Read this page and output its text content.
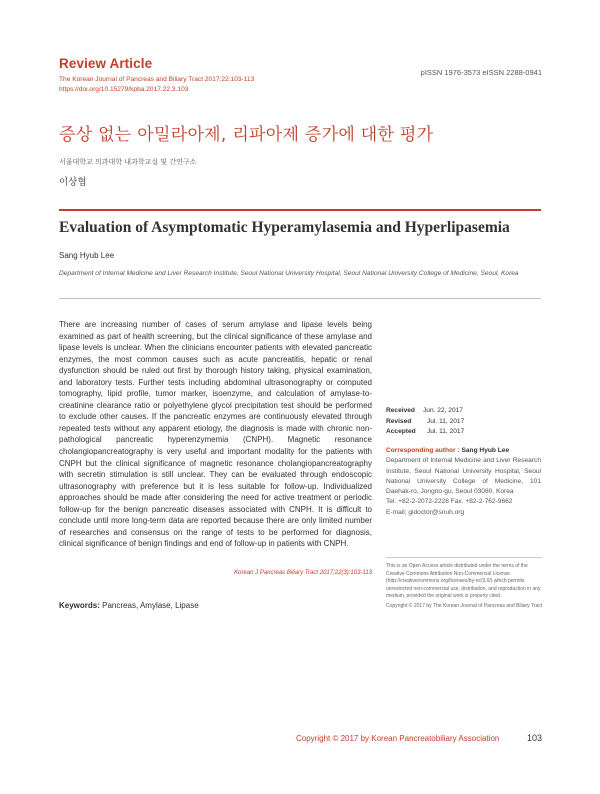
Review Article
pISSN 1976-3573 eISSN 2288-0941
The Korean Journal of Pancreas and Biliary Tract 2017;22:103-113
https://doi.org/10.15279/kpba.2017.22.3.103
증상 없는 아밀라아제, 리파아제 증가에 대한 평가
서울대학교 의과대학 내과학교실 및 간연구소
이상협
Evaluation of Asymptomatic Hyperamylasemia and Hyperlipasemia
Sang Hyub Lee
Department of Internal Medicine and Liver Research Institute, Seoul National University Hospital, Seoul National University College of Medicine, Seoul, Korea
There are increasing number of cases of serum amylase and lipase levels being examined as part of health screening, but the clinical significance of these amylase and lipase levels is unclear. When the clinicians encounter patients with elevated pancreatic enzymes, the most common causes such as acute pancreatitis, hepatic or renal dysfunction should be ruled out first by thorough history taking, physical examination, and laboratory tests. Further tests including abdominal ultrasonography or computed tomography, lipid profile, tumor marker, isoenzyme, and calculation of amylase-to-creatinine clearance ratio or polyethylene glycol precipitation test should be performed to exclude other causes. If the pancreatic enzymes are continuously elevated through repeated tests without any apparent etiology, the diagnosis is made with chronic non-pathological pancreatic hyperenzymemia (CNPH). Magnetic resonance cholangiopancreatography is very useful and important modality for the patients with CNPH but the clinical significance of magnetic resonance cholangiopancreatography with secretin stimulation is still unclear. They can be evaluated through endoscopic ultrasonography with preference but it is less suitable for follow-up. Individualized approaches should be made after considering the need for active treatment or periodic follow-up for the benign pancreatic diseases associated with CNPH. It is difficult to conclude until more long-term data are reported because there are only limited number of researches and consensus on the range of tests to be performed for diagnosis, clinical significance of benign findings and end of follow-up in patients with CNPH.
Korean J Pancreas Biliary Tract 2017;22(3):103-113
Keywords: Pancreas, Amylase, Lipase
Received	Jun. 22, 2017
Revised	Jul. 11, 2017
Accepted	Jul. 11, 2017
Corresponding author : Sang Hyub Lee
Department of Internal Medicine and Liver Research Institute, Seoul National University Hospital, Seoul National University College of Medicine, 101 Daehak-ro, Jongno-gu, Seoul 03080, Korea
Tel. +82-2-2072-2228 Fax. +82-2-762-9662
E-mail; gidoctor@snuh.org
This is an Open Access article distributed under the terms of the Creative Commons Attribution Non-Commercial License (http://creativecommons.org/licenses/by-nc/3.0/) which permits unrestricted non-commercial use, distribution, and reproduction in any medium, provided the original work is properly cited.
Copyright © 2017 by The Korean Journal of Pancreas and Biliary Tract
Copyright © 2017 by Korean Pancreatobiliary Association	103
